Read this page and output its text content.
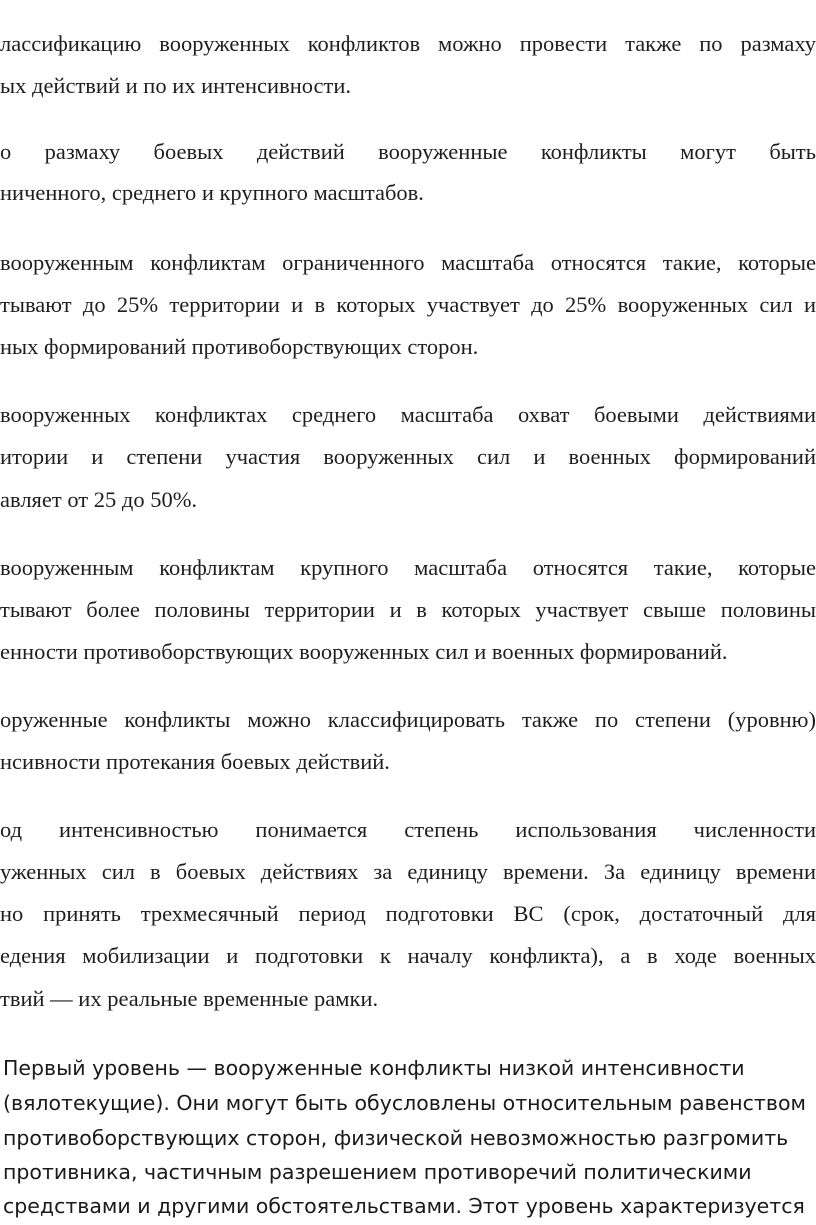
лассификацию вооруженных конфликтов можно провести также по размаху
ых действий и по их интенсивности.
о размаху боевых действий вооруженные конфликты могут быть
ниченного, среднего и крупного масштабов.
вооруженным конфликтам ограниченного масштаба относятся такие, которые
тывают до 25% территории и в которых участвует до 25% вооруженных сил и
ных формирований противоборствующих сторон.
вооруженных конфликтах среднего масштаба охват боевыми действиями
итории и степени участия вооруженных сил и военных формирований
авляет от 25 до 50%.
вооруженным конфликтам крупного масштаба относятся такие, которые
тывают более половины территории и в которых участвует свыше половины
енности противоборствующих вооруженных сил и военных формирований.
оруженные конфликты можно классифицировать также по степени (уровню)
нсивности протекания боевых действий.
од интенсивностью понимается степень использования численности
уженных сил в боевых действиях за единицу времени. За единицу времени
но принять трехмесячный период подготовки ВС (срок, достаточный для
едения мобилизации и подготовки к началу конфликта), а в ходе военных
твий — их реальные временные рамки.
Первый уровень — вооруженные конфликты низкой интенсивности
(вялотекущие). Они могут быть обусловлены относительным равенством
противоборствующих сторон, физической невозможностью разгромить
противника, частичным разрешением противоречий политическими
средствами и другими обстоятельствами. Этот уровень характеризуется
